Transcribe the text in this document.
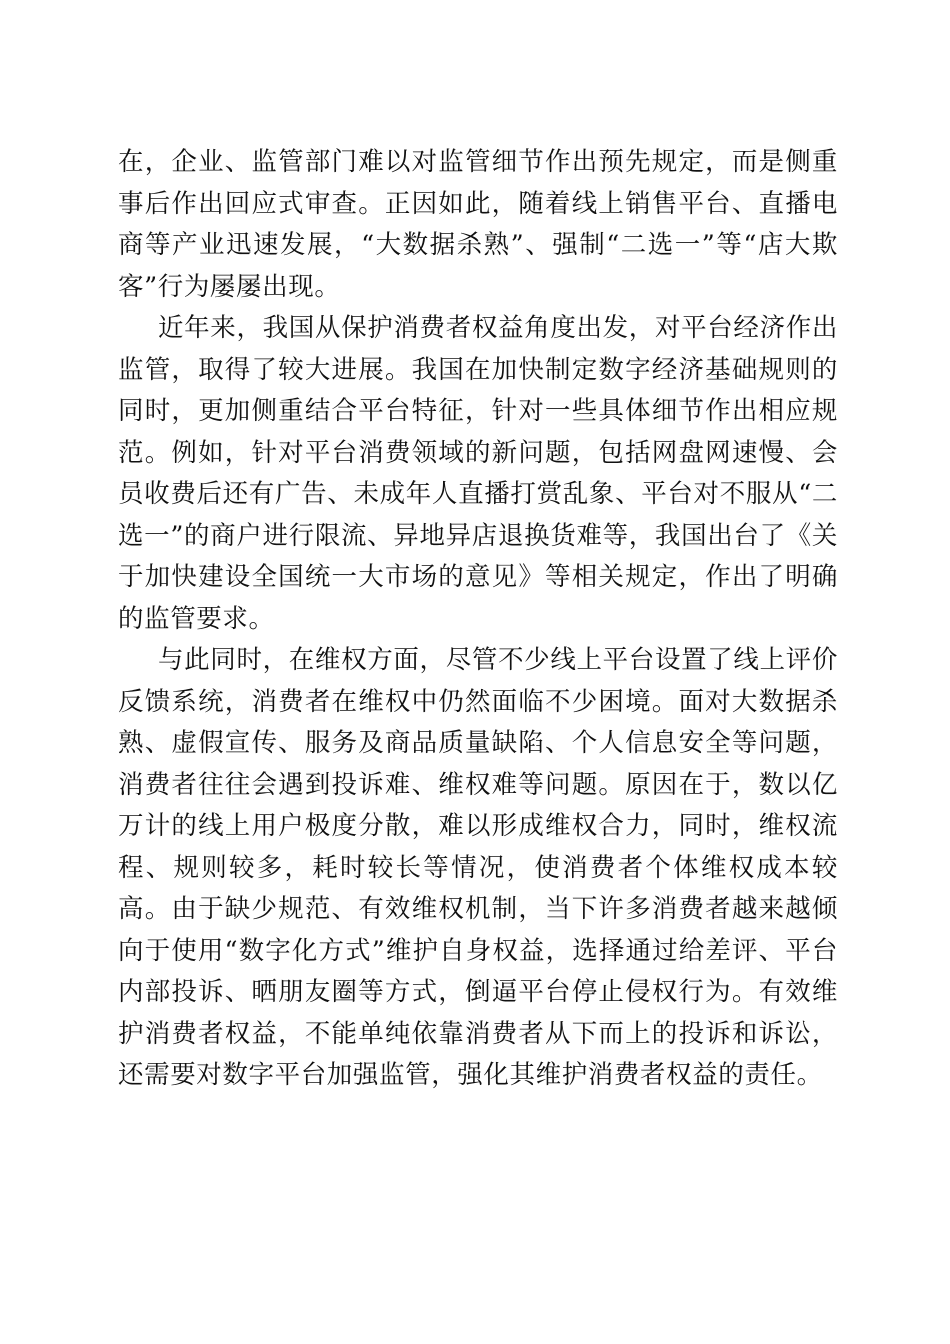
在，企业、监管部门难以对监管细节作出预先规定，而是侧重事后作出回应式审查。正因如此，随着线上销售平台、直播电商等产业迅速发展，“大数据杀熟”、强制“二选一”等“店大欺客”行为屡屡出现。

近年来，我国从保护消费者权益角度出发，对平台经济作出监管，取得了较大进展。我国在加快制定数字经济基础规则的同时，更加侧重结合平台特征，针对一些具体细节作出相应规范。例如，针对平台消费领域的新问题，包括网盘网速慢、会员收费后还有广告、未成年人直播打赏乱象、平台对不服从“二选一”的商户进行限流、异地异店退换货难等，我国出台了《关于加快建设全国统一大市场的意见》等相关规定，作出了明确的监管要求。

与此同时，在维权方面，尽管不少线上平台设置了线上评价反馈系统，消费者在维权中仍然面临不少困境。面对大数据杀熟、虚假宣传、服务及商品质量缺陷、个人信息安全等问题，消费者往往会遇到投诉难、维权难等问题。原因在于，数以亿万计的线上用户极度分散，难以形成维权合力，同时，维权流程、规则较多，耗时较长等情况，使消费者个体维权成本较高。由于缺少规范、有效维权机制，当下许多消费者越来越倾向于使用“数字化方式”维护自身权益，选择通过给差评、平台内部投诉、晒朋友圈等方式，倒逼平台停止侵权行为。有效维护消费者权益，不能单纯依靠消费者从下而上的投诉和诉讼，还需要对数字平台加强监管，强化其维护消费者权益的责任。
